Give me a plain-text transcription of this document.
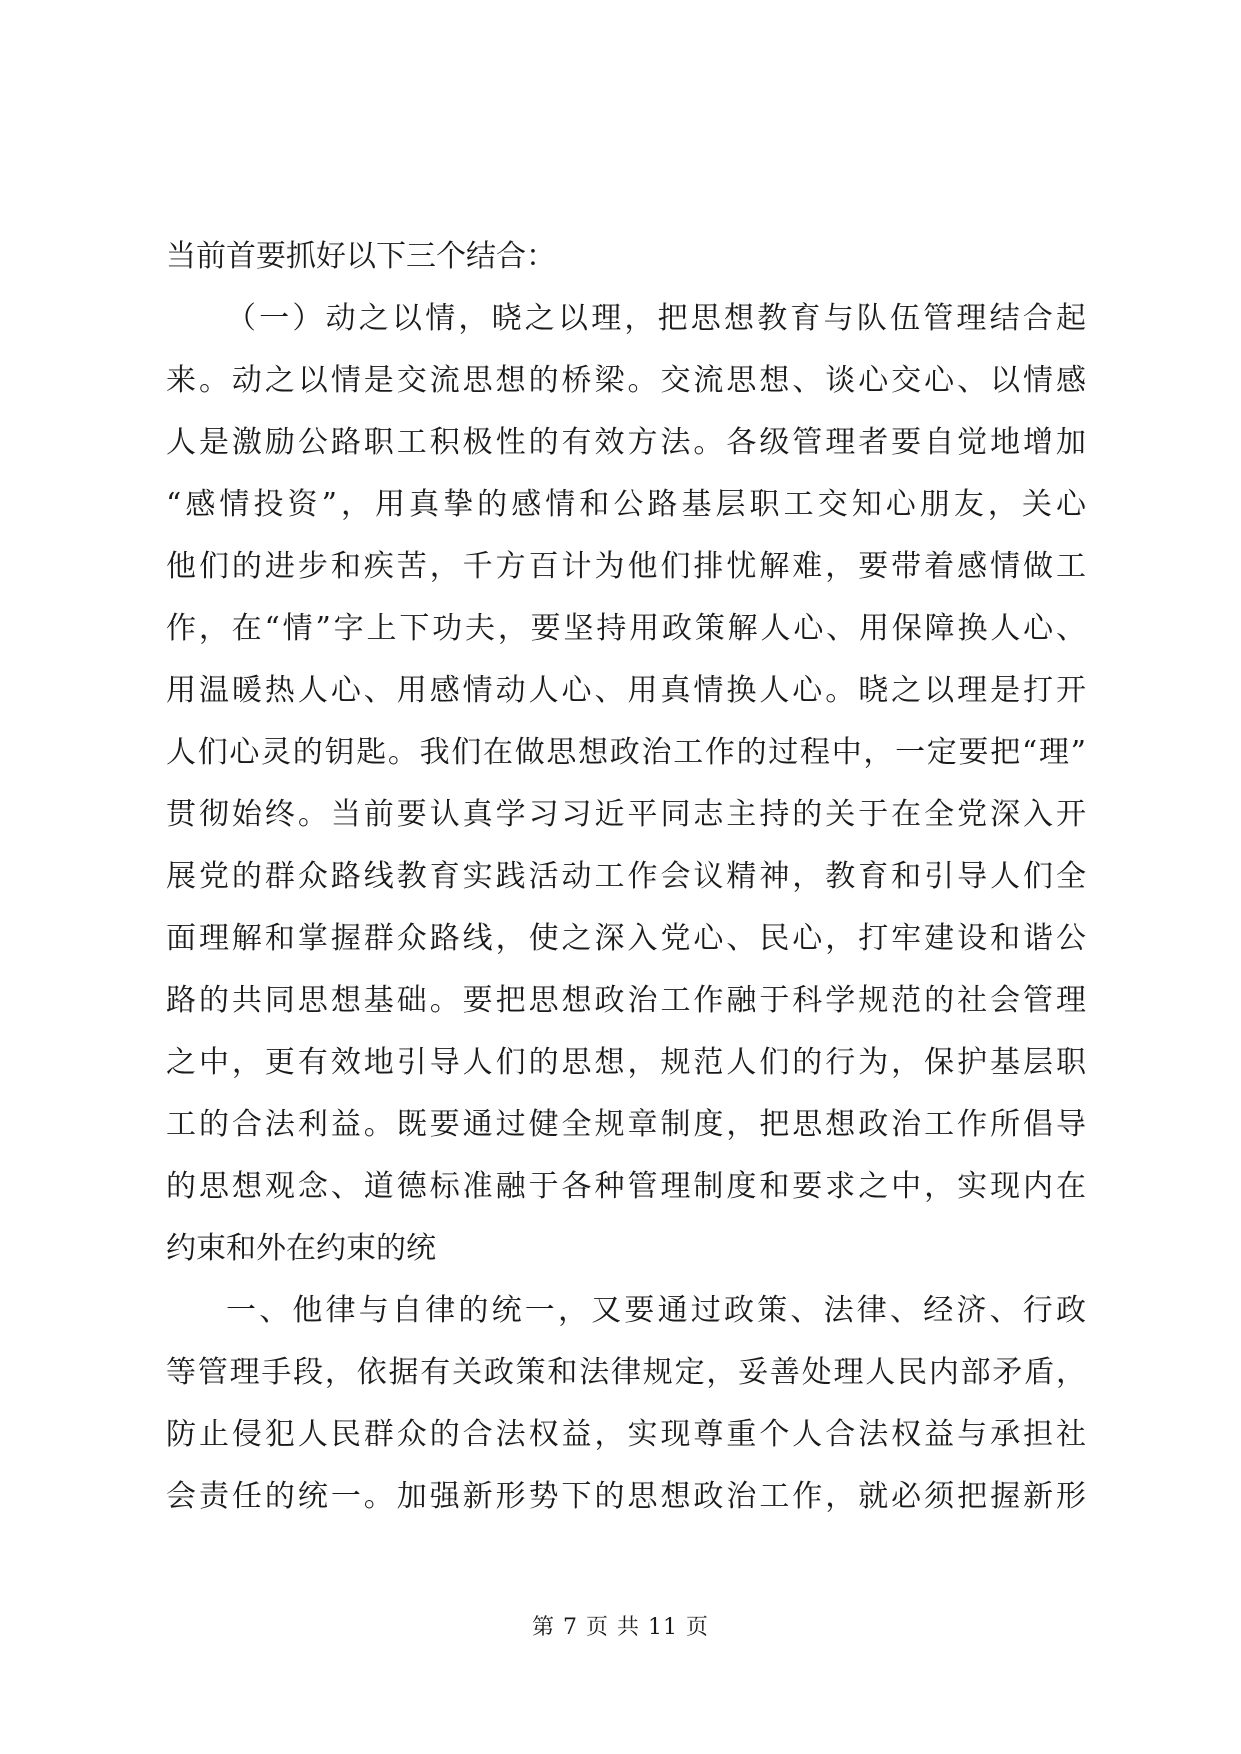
当前首要抓好以下三个结合：
（一）动之以情，晓之以理，把思想教育与队伍管理结合起
来。动之以情是交流思想的桥梁。交流思想、谈心交心、以情感
人是激励公路职工积极性的有效方法。各级管理者要自觉地增加
“感情投资”，用真挚的感情和公路基层职工交知心朋友，关心
他们的进步和疾苦，千方百计为他们排忧解难，要带着感情做工
作，在“情”字上下功夫，要坚持用政策解人心、用保障换人心、
用温暖热人心、用感情动人心、用真情换人心。晓之以理是打开
人们心灵的钥匙。我们在做思想政治工作的过程中，一定要把“理”
贯彻始终。当前要认真学习习近平同志主持的关于在全党深入开
展党的群众路线教育实践活动工作会议精神，教育和引导人们全
面理解和掌握群众路线，使之深入党心、民心，打牢建设和谐公
路的共同思想基础。要把思想政治工作融于科学规范的社会管理
之中，更有效地引导人们的思想，规范人们的行为，保护基层职
工的合法利益。既要通过健全规章制度，把思想政治工作所倡导
的思想观念、道德标准融于各种管理制度和要求之中，实现内在
约束和外在约束的统
一、他律与自律的统一，又要通过政策、法律、经济、行政
等管理手段，依据有关政策和法律规定，妥善处理人民内部矛盾，
防止侵犯人民群众的合法权益，实现尊重个人合法权益与承担社
会责任的统一。加强新形势下的思想政治工作，就必须把握新形
第 7 页 共 11 页
